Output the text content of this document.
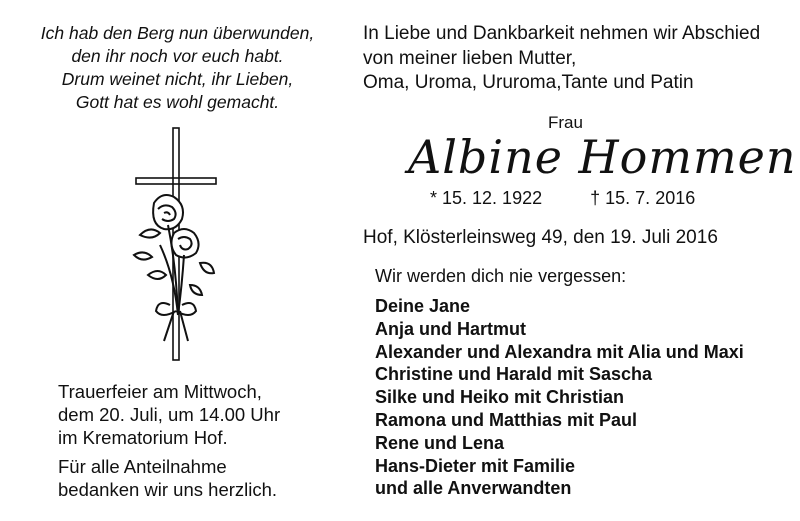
Ich hab den Berg nun überwunden,
den ihr noch vor euch habt.
Drum weinet nicht, ihr Lieben,
Gott hat es wohl gemacht.
In Liebe und Dankbarkeit nehmen wir Abschied
von meiner lieben Mutter,
Oma, Uroma, Ururoma,Tante und Patin
Frau
Albine Hommen
* 15. 12. 1922	† 15. 7. 2016
Hof, Klösterleinsweg 49, den 19. Juli 2016
Wir werden dich nie vergessen:
Deine Jane
Anja und Hartmut
Alexander und Alexandra mit Alia und Maxi
Christine und Harald mit Sascha
Silke und Heiko mit Christian
Ramona und Matthias mit Paul
Rene und Lena
Hans-Dieter mit Familie
und alle Anverwandten
Trauerfeier am Mittwoch,
dem 20. Juli, um 14.00 Uhr
im Krematorium Hof.
Für alle Anteilnahme
bedanken wir uns herzlich.
